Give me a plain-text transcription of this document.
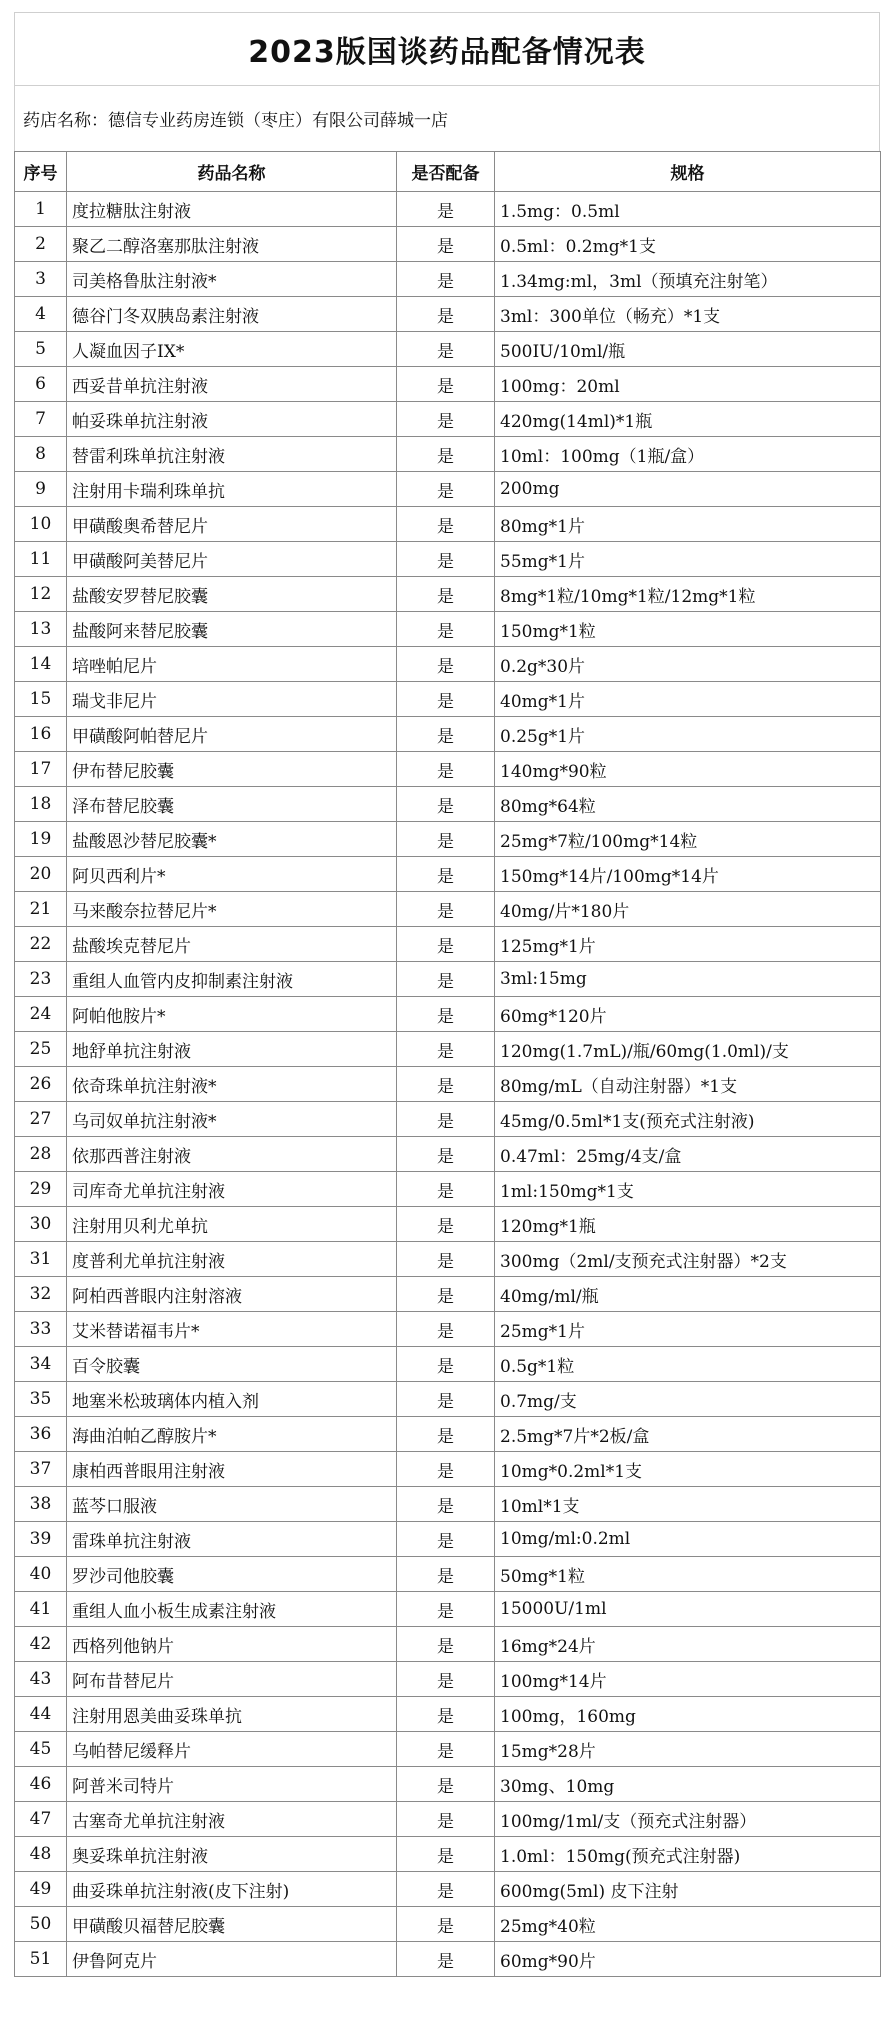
2023版国谈药品配备情况表
药店名称：德信专业药房连锁（枣庄）有限公司薛城一店
序号	药品名称	是否配备	规格
1	度拉糖肽注射液	是	1.5mg：0.5ml
2	聚乙二醇洛塞那肽注射液	是	0.5ml：0.2mg*1支
3	司美格鲁肽注射液*	是	1.34mg:ml，3ml（预填充注射笔）
4	德谷门冬双胰岛素注射液	是	3ml：300单位（畅充）*1支
5	人凝血因子IX*	是	500IU/10ml/瓶
6	西妥昔单抗注射液	是	100mg：20ml
7	帕妥珠单抗注射液	是	420mg(14ml)*1瓶
8	替雷利珠单抗注射液	是	10ml：100mg（1瓶/盒）
9	注射用卡瑞利珠单抗	是	200mg
10	甲磺酸奥希替尼片	是	80mg*1片
11	甲磺酸阿美替尼片	是	55mg*1片
12	盐酸安罗替尼胶囊	是	8mg*1粒/10mg*1粒/12mg*1粒
13	盐酸阿来替尼胶囊	是	150mg*1粒
14	培唑帕尼片	是	0.2g*30片
15	瑞戈非尼片	是	40mg*1片
16	甲磺酸阿帕替尼片	是	0.25g*1片
17	伊布替尼胶囊	是	140mg*90粒
18	泽布替尼胶囊	是	80mg*64粒
19	盐酸恩沙替尼胶囊*	是	25mg*7粒/100mg*14粒
20	阿贝西利片*	是	150mg*14片/100mg*14片
21	马来酸奈拉替尼片*	是	40mg/片*180片
22	盐酸埃克替尼片	是	125mg*1片
23	重组人血管内皮抑制素注射液	是	3ml:15mg
24	阿帕他胺片*	是	60mg*120片
25	地舒单抗注射液	是	120mg(1.7mL)/瓶/60mg(1.0ml)/支
26	依奇珠单抗注射液*	是	80mg/mL（自动注射器）*1支
27	乌司奴单抗注射液*	是	45mg/0.5ml*1支(预充式注射液)
28	依那西普注射液	是	0.47ml：25mg/4支/盒
29	司库奇尤单抗注射液	是	1ml:150mg*1支
30	注射用贝利尤单抗	是	120mg*1瓶
31	度普利尤单抗注射液	是	300mg（2ml/支预充式注射器）*2支
32	阿柏西普眼内注射溶液	是	40mg/ml/瓶
33	艾米替诺福韦片*	是	25mg*1片
34	百令胶囊	是	0.5g*1粒
35	地塞米松玻璃体内植入剂	是	0.7mg/支
36	海曲泊帕乙醇胺片*	是	2.5mg*7片*2板/盒
37	康柏西普眼用注射液	是	10mg*0.2ml*1支
38	蓝芩口服液	是	10ml*1支
39	雷珠单抗注射液	是	10mg/ml:0.2ml
40	罗沙司他胶囊	是	50mg*1粒
41	重组人血小板生成素注射液	是	15000U/1ml
42	西格列他钠片	是	16mg*24片
43	阿布昔替尼片	是	100mg*14片
44	注射用恩美曲妥珠单抗	是	100mg，160mg
45	乌帕替尼缓释片	是	15mg*28片
46	阿普米司特片	是	30mg、10mg
47	古塞奇尤单抗注射液	是	100mg/1ml/支（预充式注射器）
48	奥妥珠单抗注射液	是	1.0ml：150mg(预充式注射器)
49	曲妥珠单抗注射液(皮下注射)	是	600mg(5ml) 皮下注射
50	甲磺酸贝福替尼胶囊	是	25mg*40粒
51	伊鲁阿克片	是	60mg*90片
